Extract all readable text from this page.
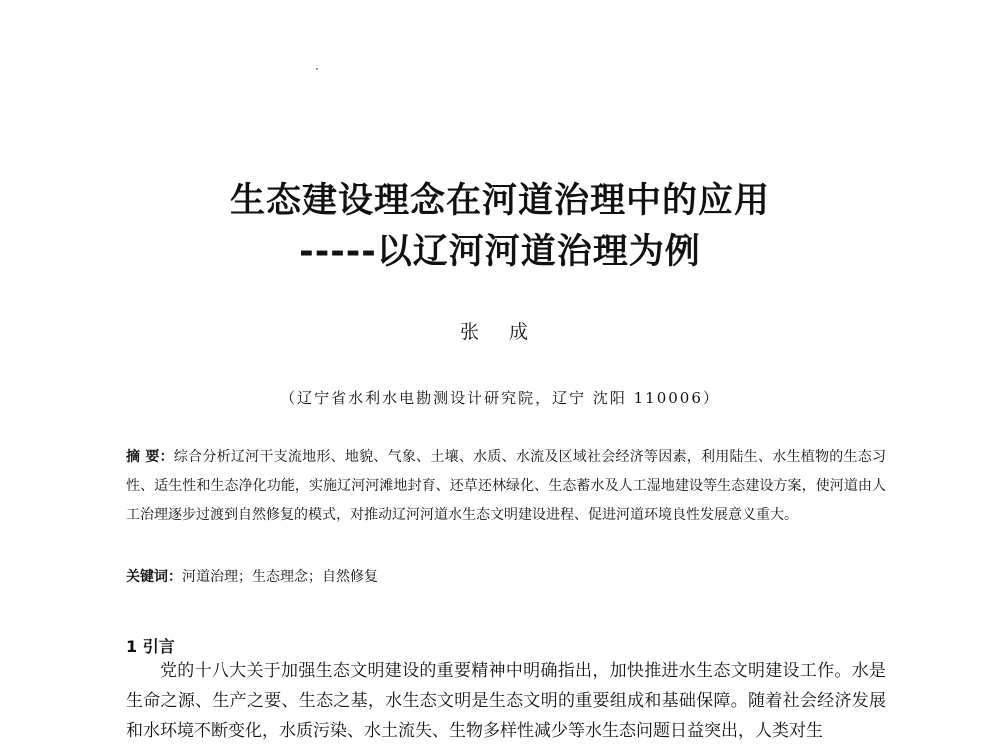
生态建设理念在河道治理中的应用
-----以辽河河道治理为例
张 成
（辽宁省水利水电勘测设计研究院，辽宁 沈阳 110006）
摘 要：综合分析辽河干支流地形、地貌、气象、土壤、水质、水流及区域社会经济等因素，利用陆生、水生植物的生态习性、适生性和生态净化功能，实施辽河河滩地封育、还草还林绿化、生态蓄水及人工湿地建设等生态建设方案，使河道由人工治理逐步过渡到自然修复的模式，对推动辽河河道水生态文明建设进程、促进河道环境良性发展意义重大。
关键词：河道治理；生态理念；自然修复
1 引言
党的十八大关于加强生态文明建设的重要精神中明确指出，加快推进水生态文明建设工作。水是生命之源、生产之要、生态之基，水生态文明是生态文明的重要组成和基础保障。随着社会经济发展和水环境不断变化，水质污染、水土流失、生物多样性减少等水生态问题日益突出，人类对生
